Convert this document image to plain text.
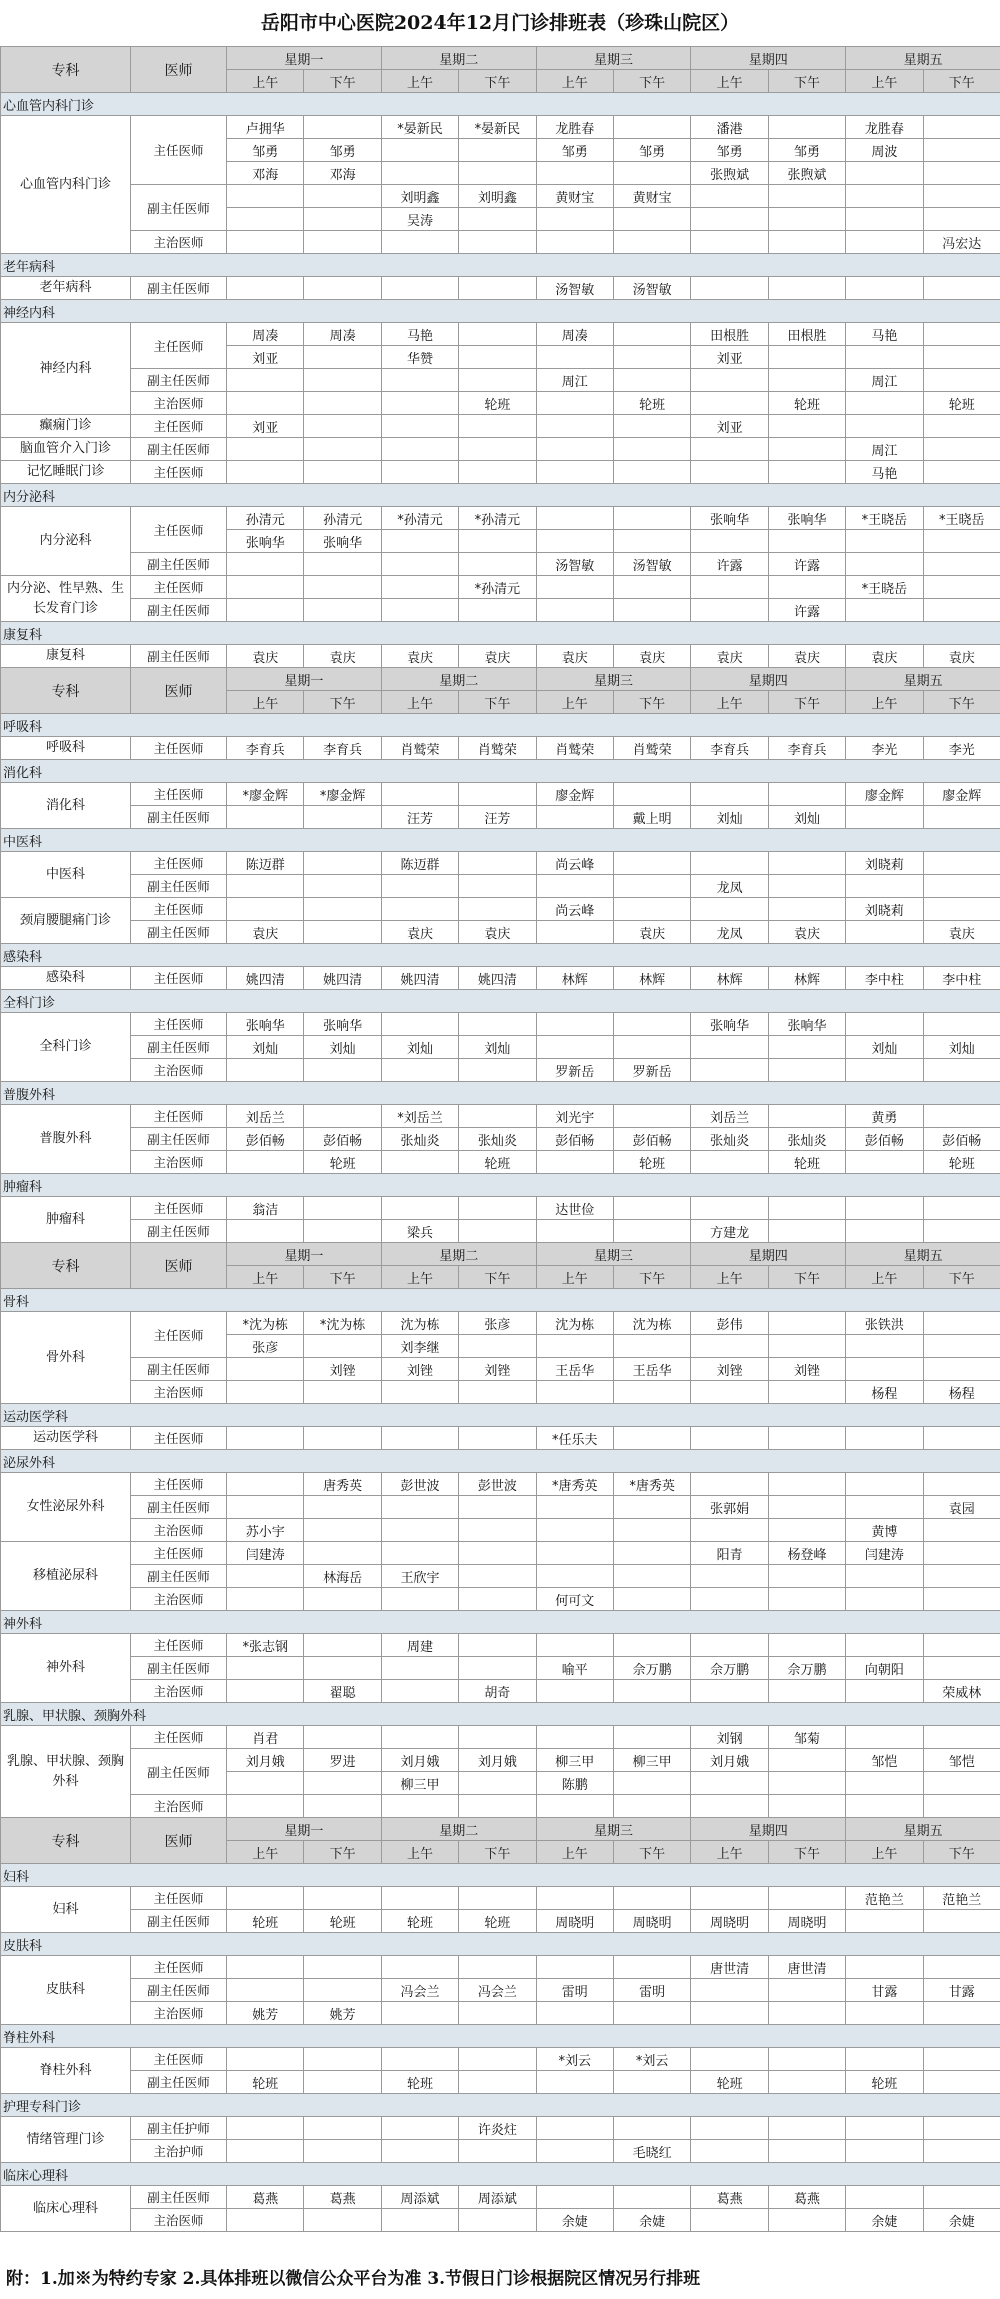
岳阳市中心医院2024年12月门诊排班表（珍珠山院区）
专科	医师	星期一		星期二		星期三		星期四		星期五	
		上午	下午	上午	下午	上午	下午	上午	下午	上午	下午
心血管内科门诊											
心血管内科门诊	主任医师	卢拥华		*晏新民	*晏新民	龙胜春		潘港		龙胜春	
		邹勇	邹勇			邹勇	邹勇	邹勇	邹勇	周波	
		邓海	邓海					张煦斌	张煦斌		
	副主任医师			刘明鑫	刘明鑫	黄财宝	黄财宝				
				吴涛							
	主治医师										冯宏达
老年病科											
老年病科	副主任医师					汤智敏	汤智敏				
神经内科											
神经内科	主任医师	周凑	周凑	马艳		周凑		田根胜	田根胜	马艳	
		刘亚		华赞				刘亚			
	副主任医师					周江				周江	
	主治医师				轮班		轮班		轮班		轮班
癫痫门诊	主任医师	刘亚						刘亚			
脑血管介入门诊	副主任医师									周江	
记忆睡眠门诊	主任医师									马艳	
内分泌科											
内分泌科	主任医师	孙清元	孙清元	*孙清元	*孙清元			张响华	张响华	*王晓岳	*王晓岳
		张响华	张响华								
	副主任医师					汤智敏	汤智敏	许露	许露		
内分泌、性早熟、生长发育门诊	主任医师				*孙清元					*王晓岳	
	副主任医师								许露		
康复科											
康复科	副主任医师	袁庆	袁庆	袁庆	袁庆	袁庆	袁庆	袁庆	袁庆	袁庆	袁庆
专科	医师	星期一		星期二		星期三		星期四		星期五	
		上午	下午	上午	下午	上午	下午	上午	下午	上午	下午
呼吸科											
呼吸科	主任医师	李育兵	李育兵	肖鹫荣	肖鹫荣	肖鹫荣	肖鹫荣	李育兵	李育兵	李光	李光
消化科											
消化科	主任医师	*廖金辉	*廖金辉			廖金辉				廖金辉	廖金辉
	副主任医师			汪芳	汪芳		戴上明	刘灿	刘灿		
中医科											
中医科	主任医师	陈迈群		陈迈群		尚云峰				刘晓莉	
	副主任医师							龙凤			
颈肩腰腿痛门诊	主任医师					尚云峰				刘晓莉	
	副主任医师	袁庆		袁庆	袁庆		袁庆	龙凤	袁庆		袁庆
感染科											
感染科	主任医师	姚四清	姚四清	姚四清	姚四清	林辉	林辉	林辉	林辉	李中柱	李中柱
全科门诊											
全科门诊	主任医师	张响华	张响华					张响华	张响华		
	副主任医师	刘灿	刘灿	刘灿	刘灿					刘灿	刘灿
	主治医师					罗新岳	罗新岳				
普腹外科											
普腹外科	主任医师	刘岳兰		*刘岳兰		刘光宇		刘岳兰		黄勇	
	副主任医师	彭佰畅	彭佰畅	张灿炎	张灿炎	彭佰畅	彭佰畅	张灿炎	张灿炎	彭佰畅	彭佰畅
	主治医师		轮班		轮班		轮班		轮班		轮班
肿瘤科											
肿瘤科	主任医师	翁洁				达世俭					
	副主任医师			梁兵				方建龙			
专科	医师	星期一		星期二		星期三		星期四		星期五	
		上午	下午	上午	下午	上午	下午	上午	下午	上午	下午
骨科											
骨外科	主任医师	*沈为栋	*沈为栋	沈为栋	张彦	沈为栋	沈为栋	彭伟		张铁洪	
		张彦		刘李继							
	副主任医师		刘锉	刘锉	刘锉	王岳华	王岳华	刘锉	刘锉		
	主治医师									杨程	杨程
运动医学科											
运动医学科	主任医师					*任乐夫					
泌尿外科											
女性泌尿外科	主任医师		唐秀英	彭世波	彭世波	*唐秀英	*唐秀英				
	副主任医师							张郭娟			袁园
	主治医师	苏小宇								黄博	
移植泌尿科	主任医师	闫建涛						阳青	杨登峰	闫建涛	
	副主任医师		林海岳	王欣宇							
	主治医师					何可文					
神外科											
神外科	主任医师	*张志钢		周建							
	副主任医师					喻平	佘万鹏	佘万鹏	佘万鹏	向朝阳	
	主治医师		翟聪		胡奇						荣威林
乳腺、甲状腺、颈胸外科											
乳腺、甲状腺、颈胸外科	主任医师	肖君						刘钢	邹菊		
	副主任医师	刘月娥	罗进	刘月娥	刘月娥	柳三甲	柳三甲	刘月娥		邹恺	邹恺
				柳三甲		陈鹏					
	主治医师										
专科	医师	星期一		星期二		星期三		星期四		星期五	
		上午	下午	上午	下午	上午	下午	上午	下午	上午	下午
妇科											
妇科	主任医师									范艳兰	范艳兰
	副主任医师	轮班	轮班	轮班	轮班	周晓明	周晓明	周晓明	周晓明		
皮肤科											
皮肤科	主任医师							唐世清	唐世清		
	副主任医师			冯会兰	冯会兰	雷明	雷明			甘露	甘露
	主治医师	姚芳	姚芳								
脊柱外科											
脊柱外科	主任医师					*刘云	*刘云				
	副主任医师	轮班		轮班				轮班		轮班	
护理专科门诊											
情绪管理门诊	副主任护师				许炎炷						
	主治护师						毛晓红				
临床心理科											
临床心理科	副主任医师	葛燕	葛燕	周添斌	周添斌			葛燕	葛燕		
	主治医师					余婕	余婕			余婕	余婕
附：1.加※为特约专家 2.具体排班以微信公众平台为准 3.节假日门诊根据院区情况另行排班
